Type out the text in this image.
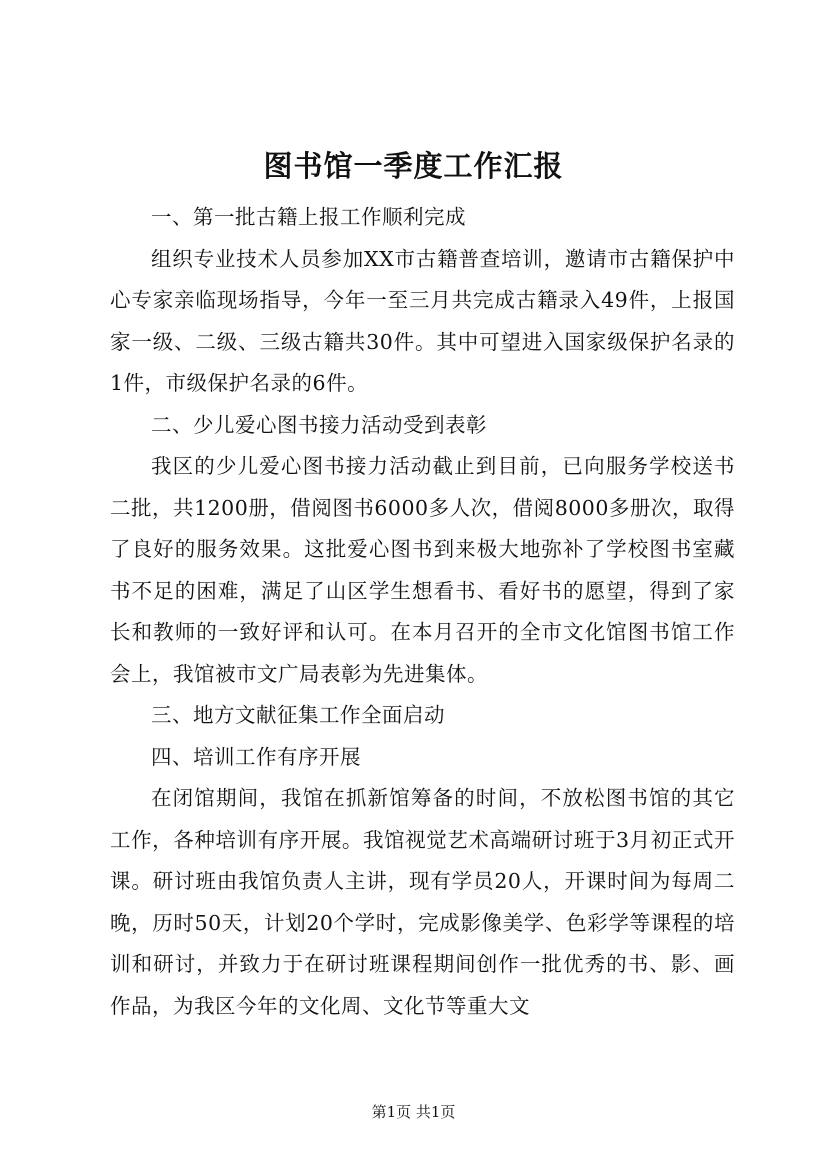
图书馆一季度工作汇报

一、第一批古籍上报工作顺利完成

组织专业技术人员参加XX市古籍普查培训，邀请市古籍保护中心专家亲临现场指导，今年一至三月共完成古籍录入49件，上报国家一级、二级、三级古籍共30件。其中可望进入国家级保护名录的1件，市级保护名录的6件。

二、少儿爱心图书接力活动受到表彰

我区的少儿爱心图书接力活动截止到目前，已向服务学校送书二批，共1200册，借阅图书6000多人次，借阅8000多册次，取得了良好的服务效果。这批爱心图书到来极大地弥补了学校图书室藏书不足的困难，满足了山区学生想看书、看好书的愿望，得到了家长和教师的一致好评和认可。在本月召开的全市文化馆图书馆工作会上，我馆被市文广局表彰为先进集体。

三、地方文献征集工作全面启动

四、培训工作有序开展

在闭馆期间，我馆在抓新馆筹备的时间，不放松图书馆的其它工作，各种培训有序开展。我馆视觉艺术高端研讨班于3月初正式开课。研讨班由我馆负责人主讲，现有学员20人，开课时间为每周二晚，历时50天，计划20个学时，完成影像美学、色彩学等课程的培训和研讨，并致力于在研讨班课程期间创作一批优秀的书、影、画作品，为我区今年的文化周、文化节等重大文

第1页 共1页
